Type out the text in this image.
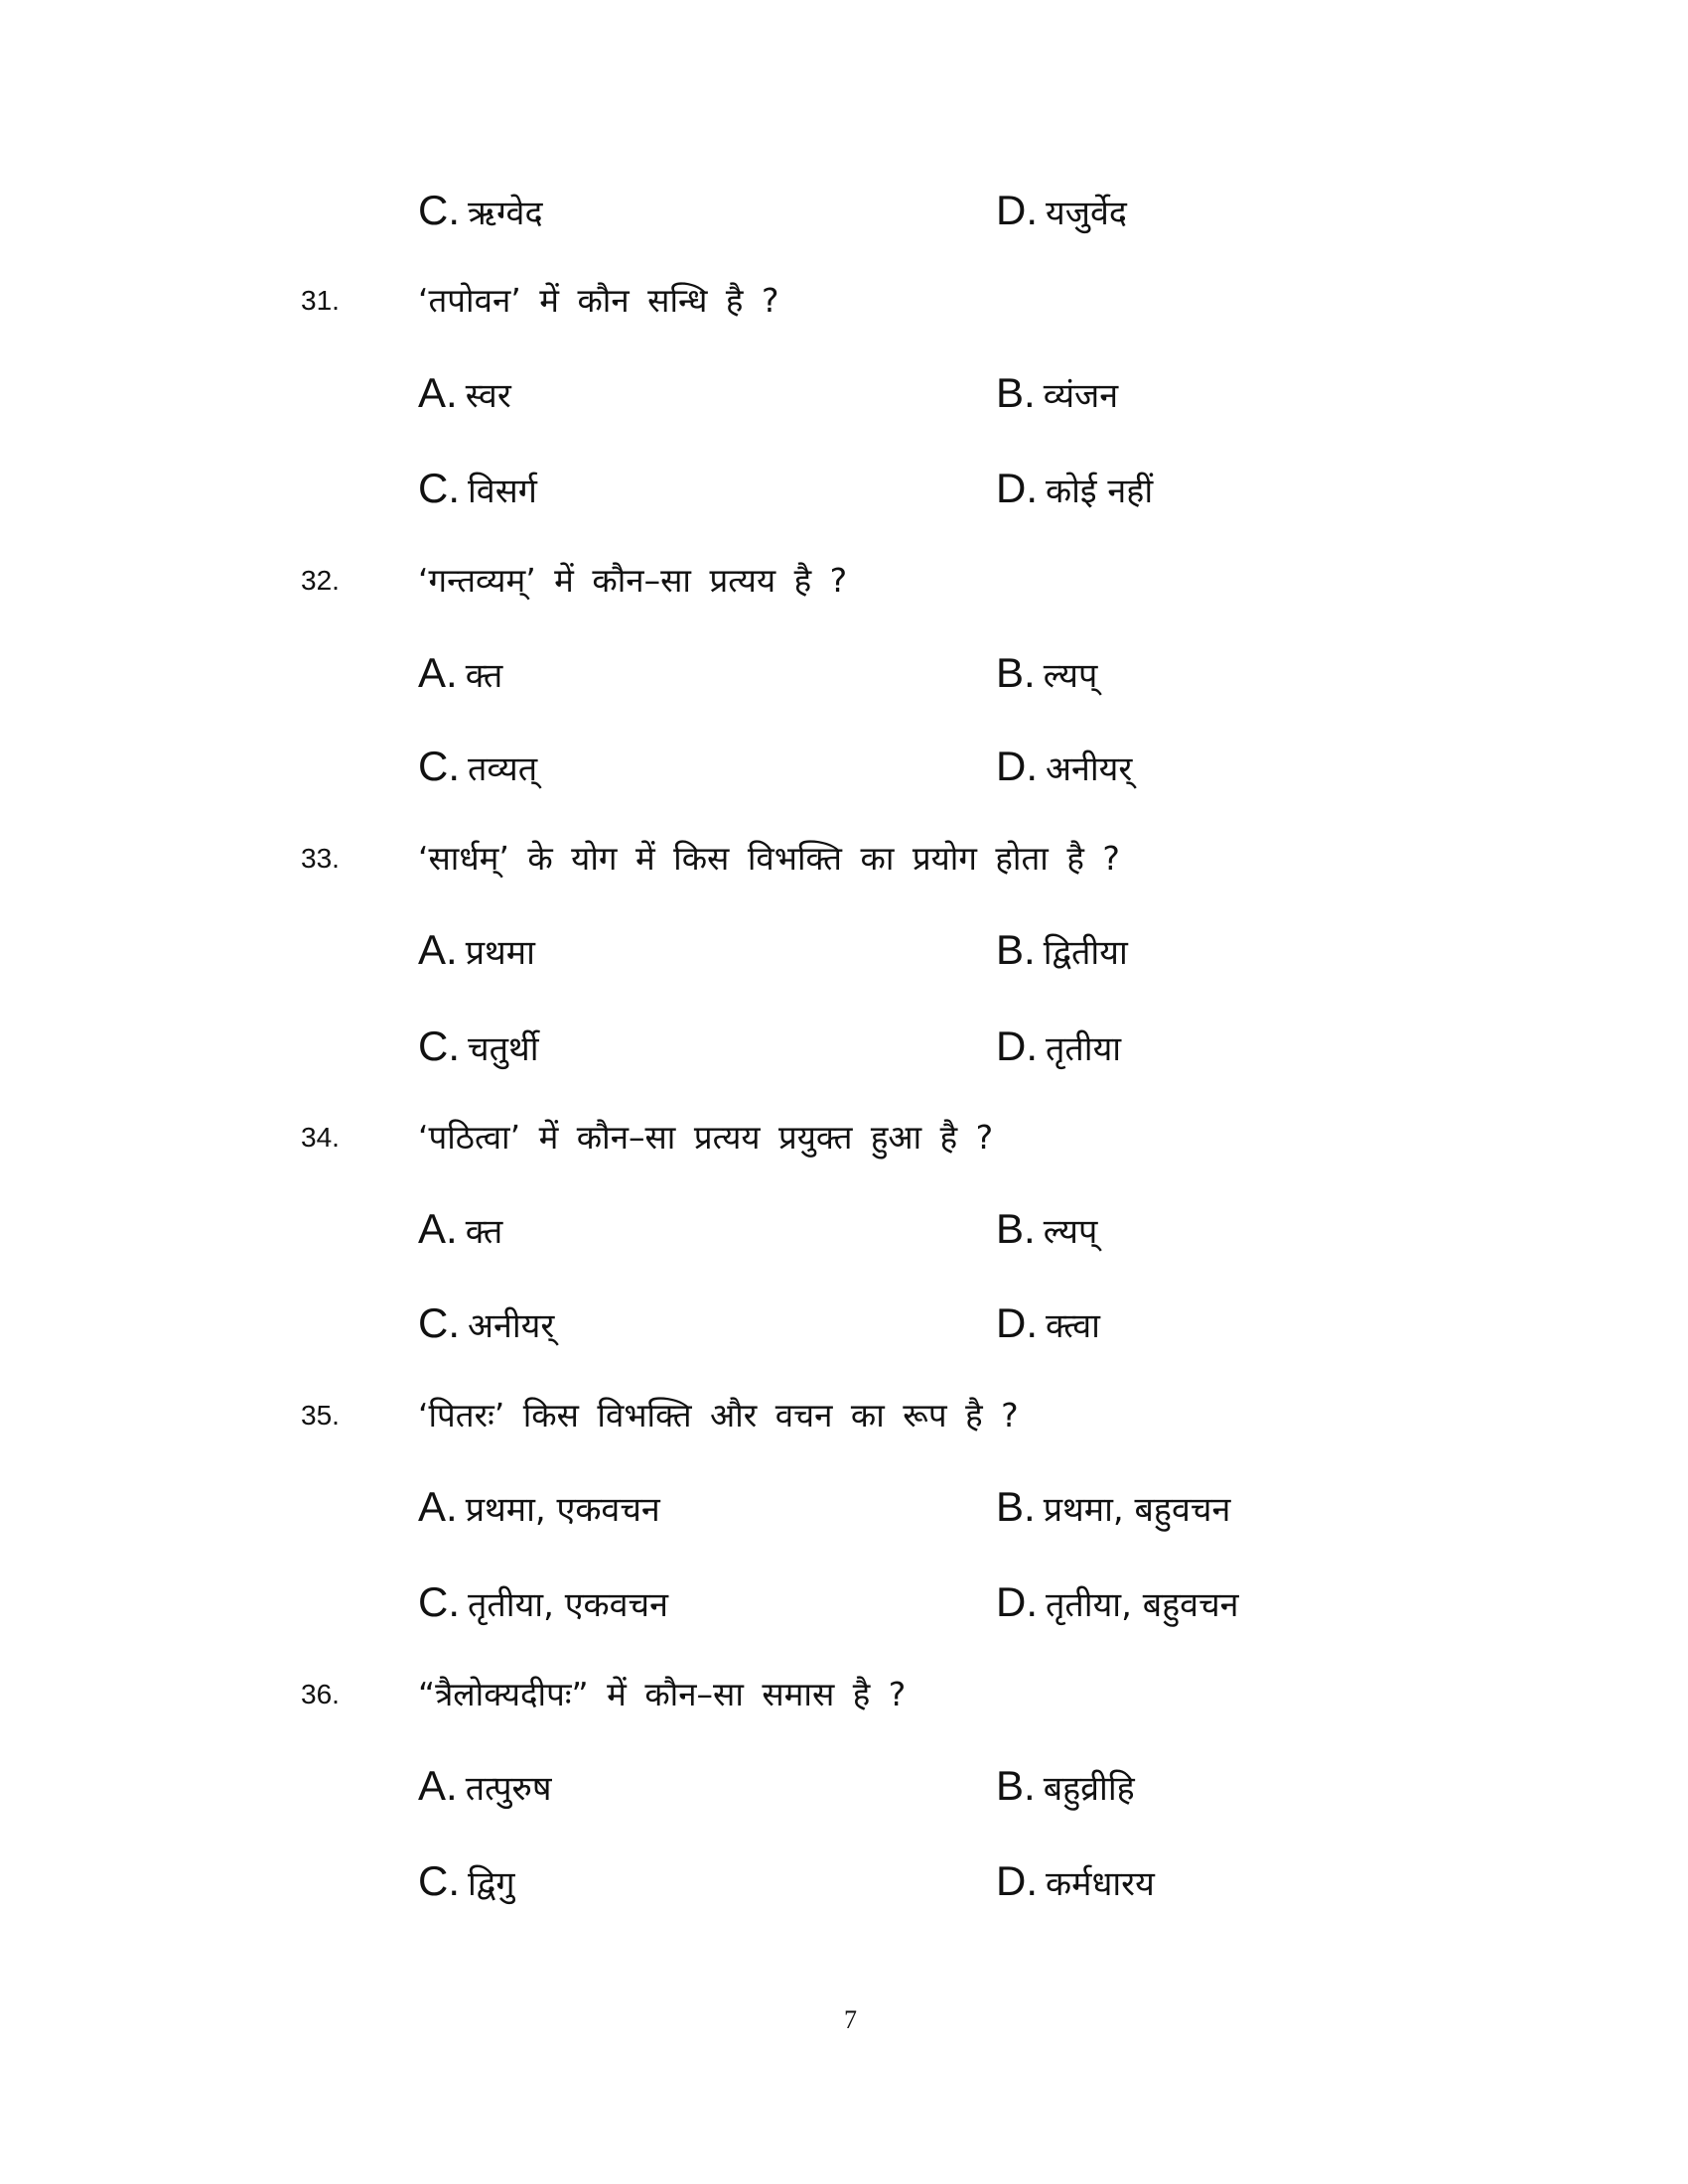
C. ऋग्वेद	D. यजुर्वेद
31. ‘तपोवन’ में कौन सन्धि है ?
A. स्वर	B. व्यंजन
C. विसर्ग	D. कोई नहीं
32. ‘गन्तव्यम्’ में कौन–सा प्रत्यय है ?
A. क्त	B. ल्यप्
C. तव्यत्	D. अनीयर्
33. ‘सार्धम्’ के योग में किस विभक्ति का प्रयोग होता है ?
A. प्रथमा	B. द्वितीया
C. चतुर्थी	D. तृतीया
34. ‘पठित्वा’ में कौन–सा प्रत्यय प्रयुक्त हुआ है ?
A. क्त	B. ल्यप्
C. अनीयर्	D. क्त्वा
35. ‘पितरः’ किस विभक्ति और वचन का रूप है ?
A. प्रथमा, एकवचन	B. प्रथमा, बहुवचन
C. तृतीया, एकवचन	D. तृतीया, बहुवचन
36. “त्रैलोक्यदीपः” में कौन–सा समास है ?
A. तत्पुरुष	B. बहुव्रीहि
C. द्विगु	D. कर्मधारय
7
